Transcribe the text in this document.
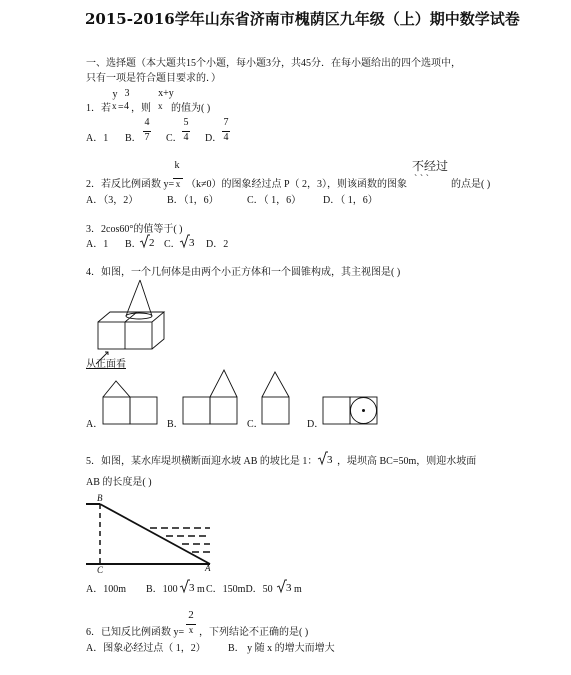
2015-2016学年山东省济南市槐荫区九年级（上）期中数学试卷
一、选择题（本大题共15个小题，每小题3分，共45分．在每小题给出的四个选项中，
只有一项是符合题目要求的．）
y 3	x+y
1．若 x = 4 ，则 x 的值为( )
A．1 B．
4
7 C．
5
4 D．
7
4
k	不经过
2．若反比例函数 y= x （k≠0）的图象经过点 P（ 2，3），则该函数的图象 ˋ ˋ ˋ 的点是( )
A．（3，2）	B．（1，6）	C．（ 1，6） D．（ 1，6）
3．2cos60°的值等于( )
A．1 B． 2 C． 3 D．2
4．如图，一个几何体是由两个小正方体和一个圆锥构成，其主视图是( )
从正面看
A．	B．	C．	D．
5．如图，某水库堤坝横断面迎水坡 AB 的坡比是 1： 3 ，堤坝高 BC=50m，则迎水坡面
AB 的长度是( )
B
C	A
A．100m B．100 3 m C．150mD．50 3 m
2
6．已知反比例函数 y= x ，下列结论不正确的是( )
A．图象必经过点（ 1，2） B． y 随 x 的增大而增大
